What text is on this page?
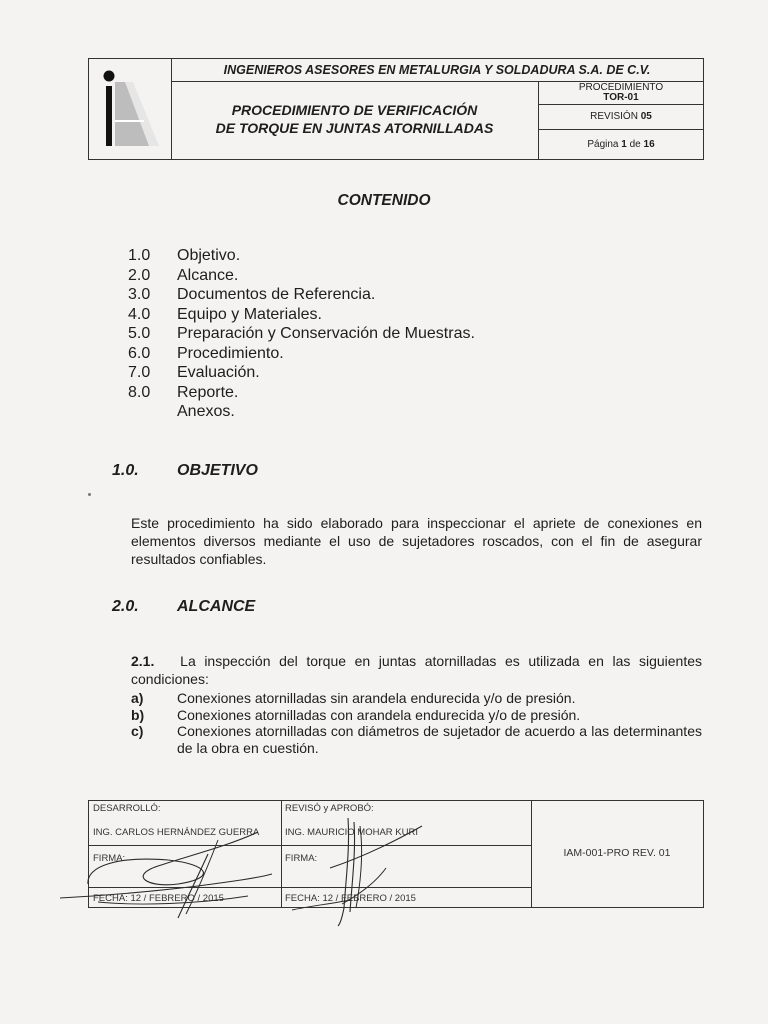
INGENIEROS ASESORES EN METALURGIA Y SOLDADURA S.A. DE C.V.
PROCEDIMIENTO DE VERIFICACIÓN
DE TORQUE EN JUNTAS ATORNILLADAS
PROCEDIMIENTO
TOR-01
REVISIÓN 05
Página 1 de 16
CONTENIDO
1.0	Objetivo.
2.0	Alcance.
3.0	Documentos de Referencia.
4.0	Equipo y Materiales.
5.0	Preparación y Conservación de Muestras.
6.0	Procedimiento.
7.0	Evaluación.
8.0	Reporte.
Anexos.
1.0. OBJETIVO
Este procedimiento ha sido elaborado para inspeccionar el apriete de conexiones en elementos diversos mediante el uso de sujetadores roscados, con el fin de asegurar resultados confiables.
2.0. ALCANCE
2.1. La inspección del torque en juntas atornilladas es utilizada en las siguientes condiciones:
a)	Conexiones atornilladas sin arandela endurecida y/o de presión.
b)	Conexiones atornilladas con arandela endurecida y/o de presión.
c)	Conexiones atornilladas con diámetros de sujetador de acuerdo a las determinantes de la obra en cuestión.
DESARROLLÓ:
ING. CARLOS HERNÁNDEZ GUERRA
FIRMA:
FECHA: 12 / FEBRERO / 2015
REVISÓ y APROBÓ:
ING. MAURICIO MOHAR KURI
FIRMA:
FECHA: 12 / FEBRERO / 2015
IAM-001-PRO REV. 01
